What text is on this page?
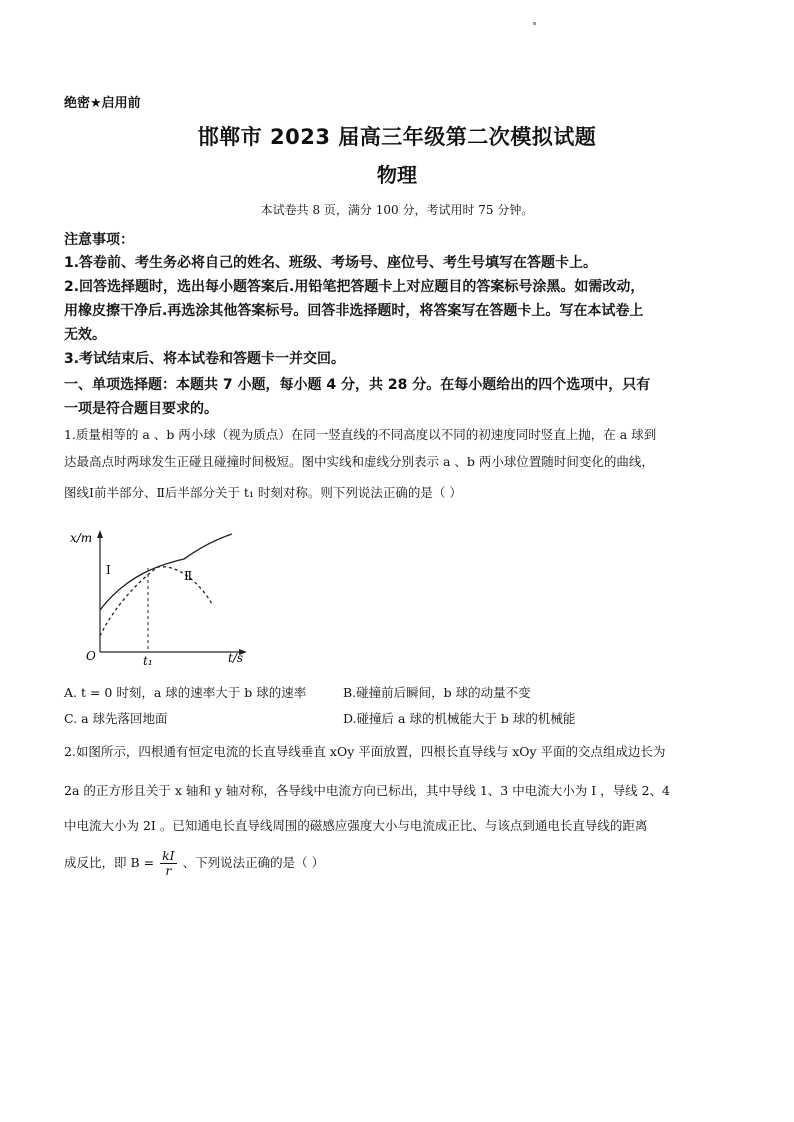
绝密★启用前
邯郸市 2023 届高三年级第二次模拟试题
物理
本试卷共 8 页，满分 100 分，考试用时 75 分钟。
注意事项：
1.答卷前、考生务必将自己的姓名、班级、考场号、座位号、考生号填写在答题卡上。
2.回答选择题时，选出每小题答案后.用铅笔把答题卡上对应题目的答案标号涂黑。如需改动，
用橡皮擦干净后.再选涂其他答案标号。回答非选择题时，将答案写在答题卡上。写在本试卷上
无效。
3.考试结束后、将本试卷和答题卡一并交回。
一、单项选择题：本题共 7 小题，每小题 4 分，共 28 分。在每小题给出的四个选项中，只有
一项是符合题目要求的。
1.质量相等的 a 、b 两小球（视为质点）在同一竖直线的不同高度以不同的初速度同时竖直上抛，在 a 球到
达最高点时两球发生正碰且碰撞时间极短。图中实线和虚线分别表示 a 、b 两小球位置随时间变化的曲线，
图线Ⅰ前半部分、Ⅱ后半部分关于 t₁ 时刻对称。则下列说法正确的是（ ）
x/m
t/s
O	t₁
Ⅰ	Ⅱ
A. t = 0 时刻，a 球的速率大于 b 球的速率	B.碰撞前后瞬间，b 球的动量不变
C. a 球先落回地面	D.碰撞后 a 球的机械能大于 b 球的机械能
2.如图所示，四根通有恒定电流的长直导线垂直 xOy 平面放置，四根长直导线与 xOy 平面的交点组成边长为
2a 的正方形且关于 x 轴和 y 轴对称，各导线中电流方向已标出，其中导线 1、3 中电流大小为 I ，导线 2、4
中电流大小为 2I 。已知通电长直导线周围的磁感应强度大小与电流成正比、与该点到通电长直导线的距离
成反比，即 $B = \frac{kI}{r}$ 、下列说法正确的是（ ）
